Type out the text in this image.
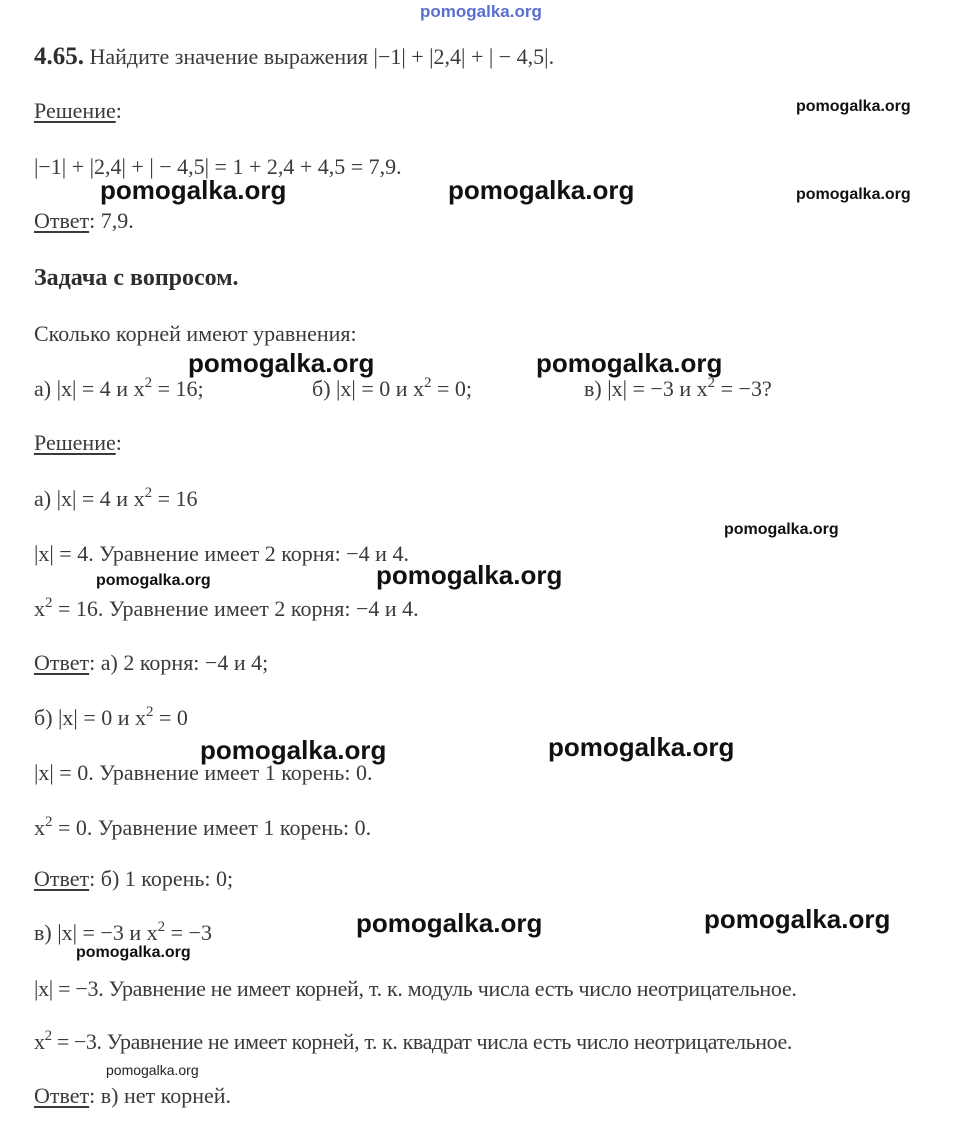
pomogalka.org
4.65. Найдите значение выражения |−1| + |2,4| + | − 4,5|.
Решение:
|−1| + |2,4| + | − 4,5| = 1 + 2,4 + 4,5 = 7,9.
Ответ: 7,9.
Задача с вопросом.
Сколько корней имеют уравнения:
а) |x| = 4 и $x^2 = 16$;	б) |x| = 0 и $x^2 = 0$;	в) |x| = −3 и $x^2 = -3$?
Решение:
а) |x| = 4 и $x^2 = 16$
|x| = 4. Уравнение имеет 2 корня: −4 и 4.
$x^2 = 16$. Уравнение имеет 2 корня: −4 и 4.
Ответ: а) 2 корня: −4 и 4;
б) |x| = 0 и $x^2 = 0$
|x| = 0. Уравнение имеет 1 корень: 0.
$x^2 = 0$. Уравнение имеет 1 корень: 0.
Ответ: б) 1 корень: 0;
в) |x| = −3 и $x^2 = -3$
|x| = −3. Уравнение не имеет корней, т. к. модуль числа есть число неотрицательное.
$x^2 = -3$. Уравнение не имеет корней, т. к. квадрат числа есть число неотрицательное.
Ответ: в) нет корней.
pomogalka.org
pomogalka.org	pomogalka.org	pomogalka.org
pomogalka.org	pomogalka.org
pomogalka.org
pomogalka.org
pomogalka.org
pomogalka.org
pomogalka.org
pomogalka.org
pomogalka.org
pomogalka.org
pomogalka.org
